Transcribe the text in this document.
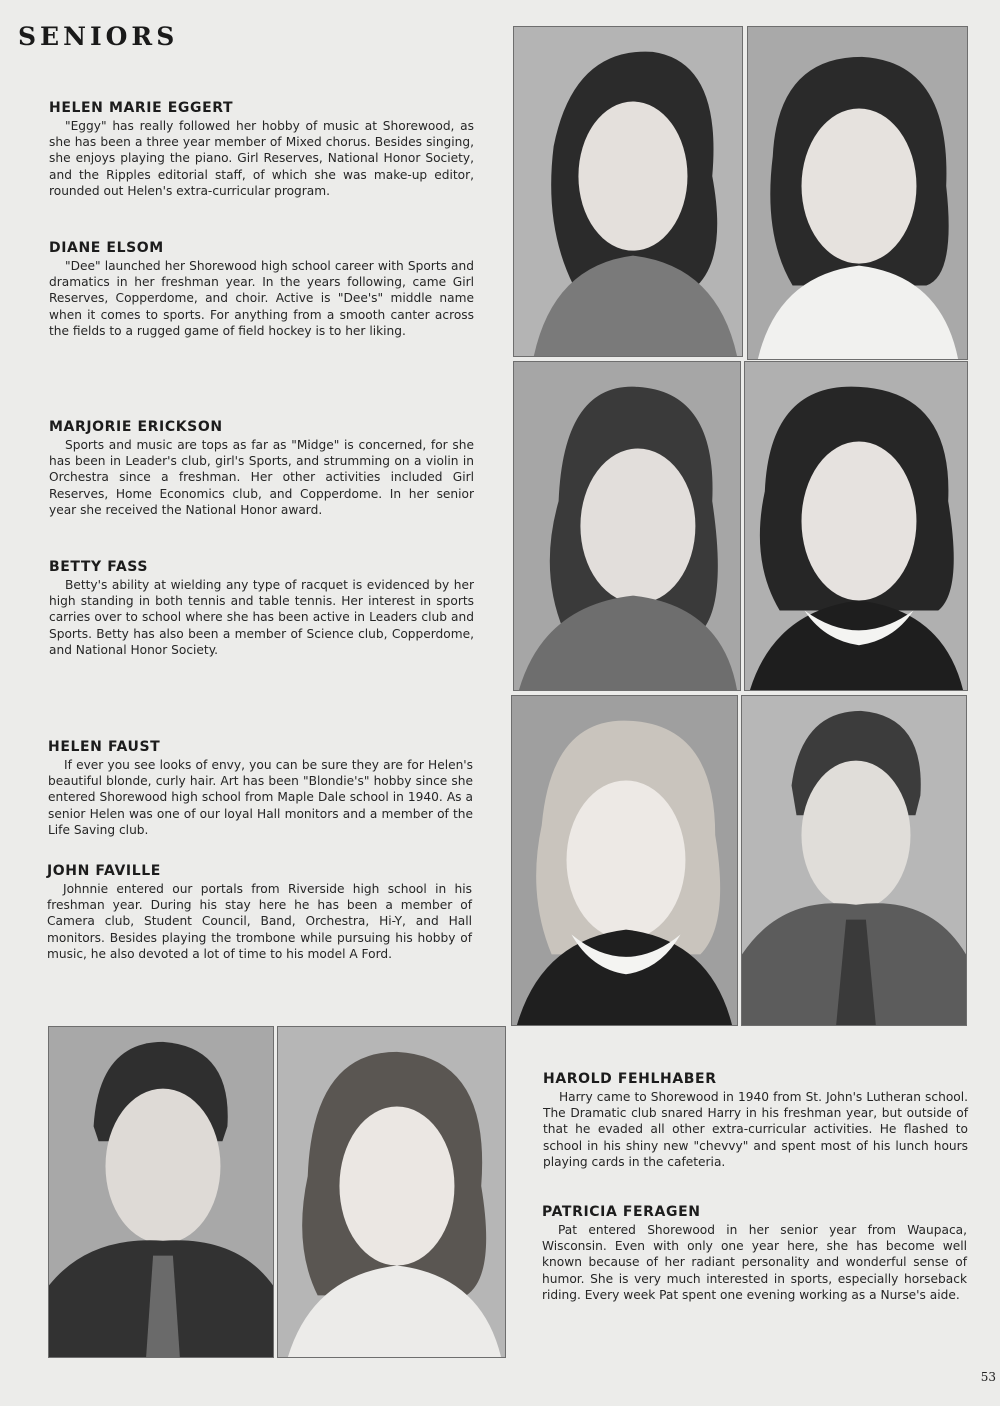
SENIORS

HELEN MARIE EGGERT

"Eggy" has really followed her hobby of music at Shorewood, as she has been a three year member of Mixed chorus. Besides singing, she enjoys playing the piano. Girl Reserves, National Honor Society, and the Ripples editorial staff, of which she was make-up editor, rounded out Helen's extra-curricular program.

DIANE ELSOM

"Dee" launched her Shorewood high school career with Sports and dramatics in her freshman year. In the years following, came Girl Reserves, Copperdome, and choir. Active is "Dee's" middle name when it comes to sports. For anything from a smooth canter across the fields to a rugged game of field hockey is to her liking.

MARJORIE ERICKSON

Sports and music are tops as far as "Midge" is concerned, for she has been in Leader's club, girl's Sports, and strumming on a violin in Orchestra since a freshman. Her other activities included Girl Reserves, Home Economics club, and Copperdome. In her senior year she received the National Honor award.

BETTY FASS

Betty's ability at wielding any type of racquet is evidenced by her high standing in both tennis and table tennis. Her interest in sports carries over to school where she has been active in Leaders club and Sports. Betty has also been a member of Science club, Copperdome, and National Honor Society.

HELEN FAUST

If ever you see looks of envy, you can be sure they are for Helen's beautiful blonde, curly hair. Art has been "Blondie's" hobby since she entered Shorewood high school from Maple Dale school in 1940. As a senior Helen was one of our loyal Hall monitors and a member of the Life Saving club.

JOHN FAVILLE

Johnnie entered our portals from Riverside high school in his freshman year. During his stay here he has been a member of Camera club, Student Council, Band, Orchestra, Hi-Y, and Hall monitors. Besides playing the trombone while pursuing his hobby of music, he also devoted a lot of time to his model A Ford.

HAROLD FEHLHABER

Harry came to Shorewood in 1940 from St. John's Lutheran school. The Dramatic club snared Harry in his freshman year, but outside of that he evaded all other extra-curricular activities. He flashed to school in his shiny new "chevvy" and spent most of his lunch hours playing cards in the cafeteria.

PATRICIA FERAGEN

Pat entered Shorewood in her senior year from Waupaca, Wisconsin. Even with only one year here, she has become well known because of her radiant personality and wonderful sense of humor. She is very much interested in sports, especially horseback riding. Every week Pat spent one evening working as a Nurse's aide.

53
